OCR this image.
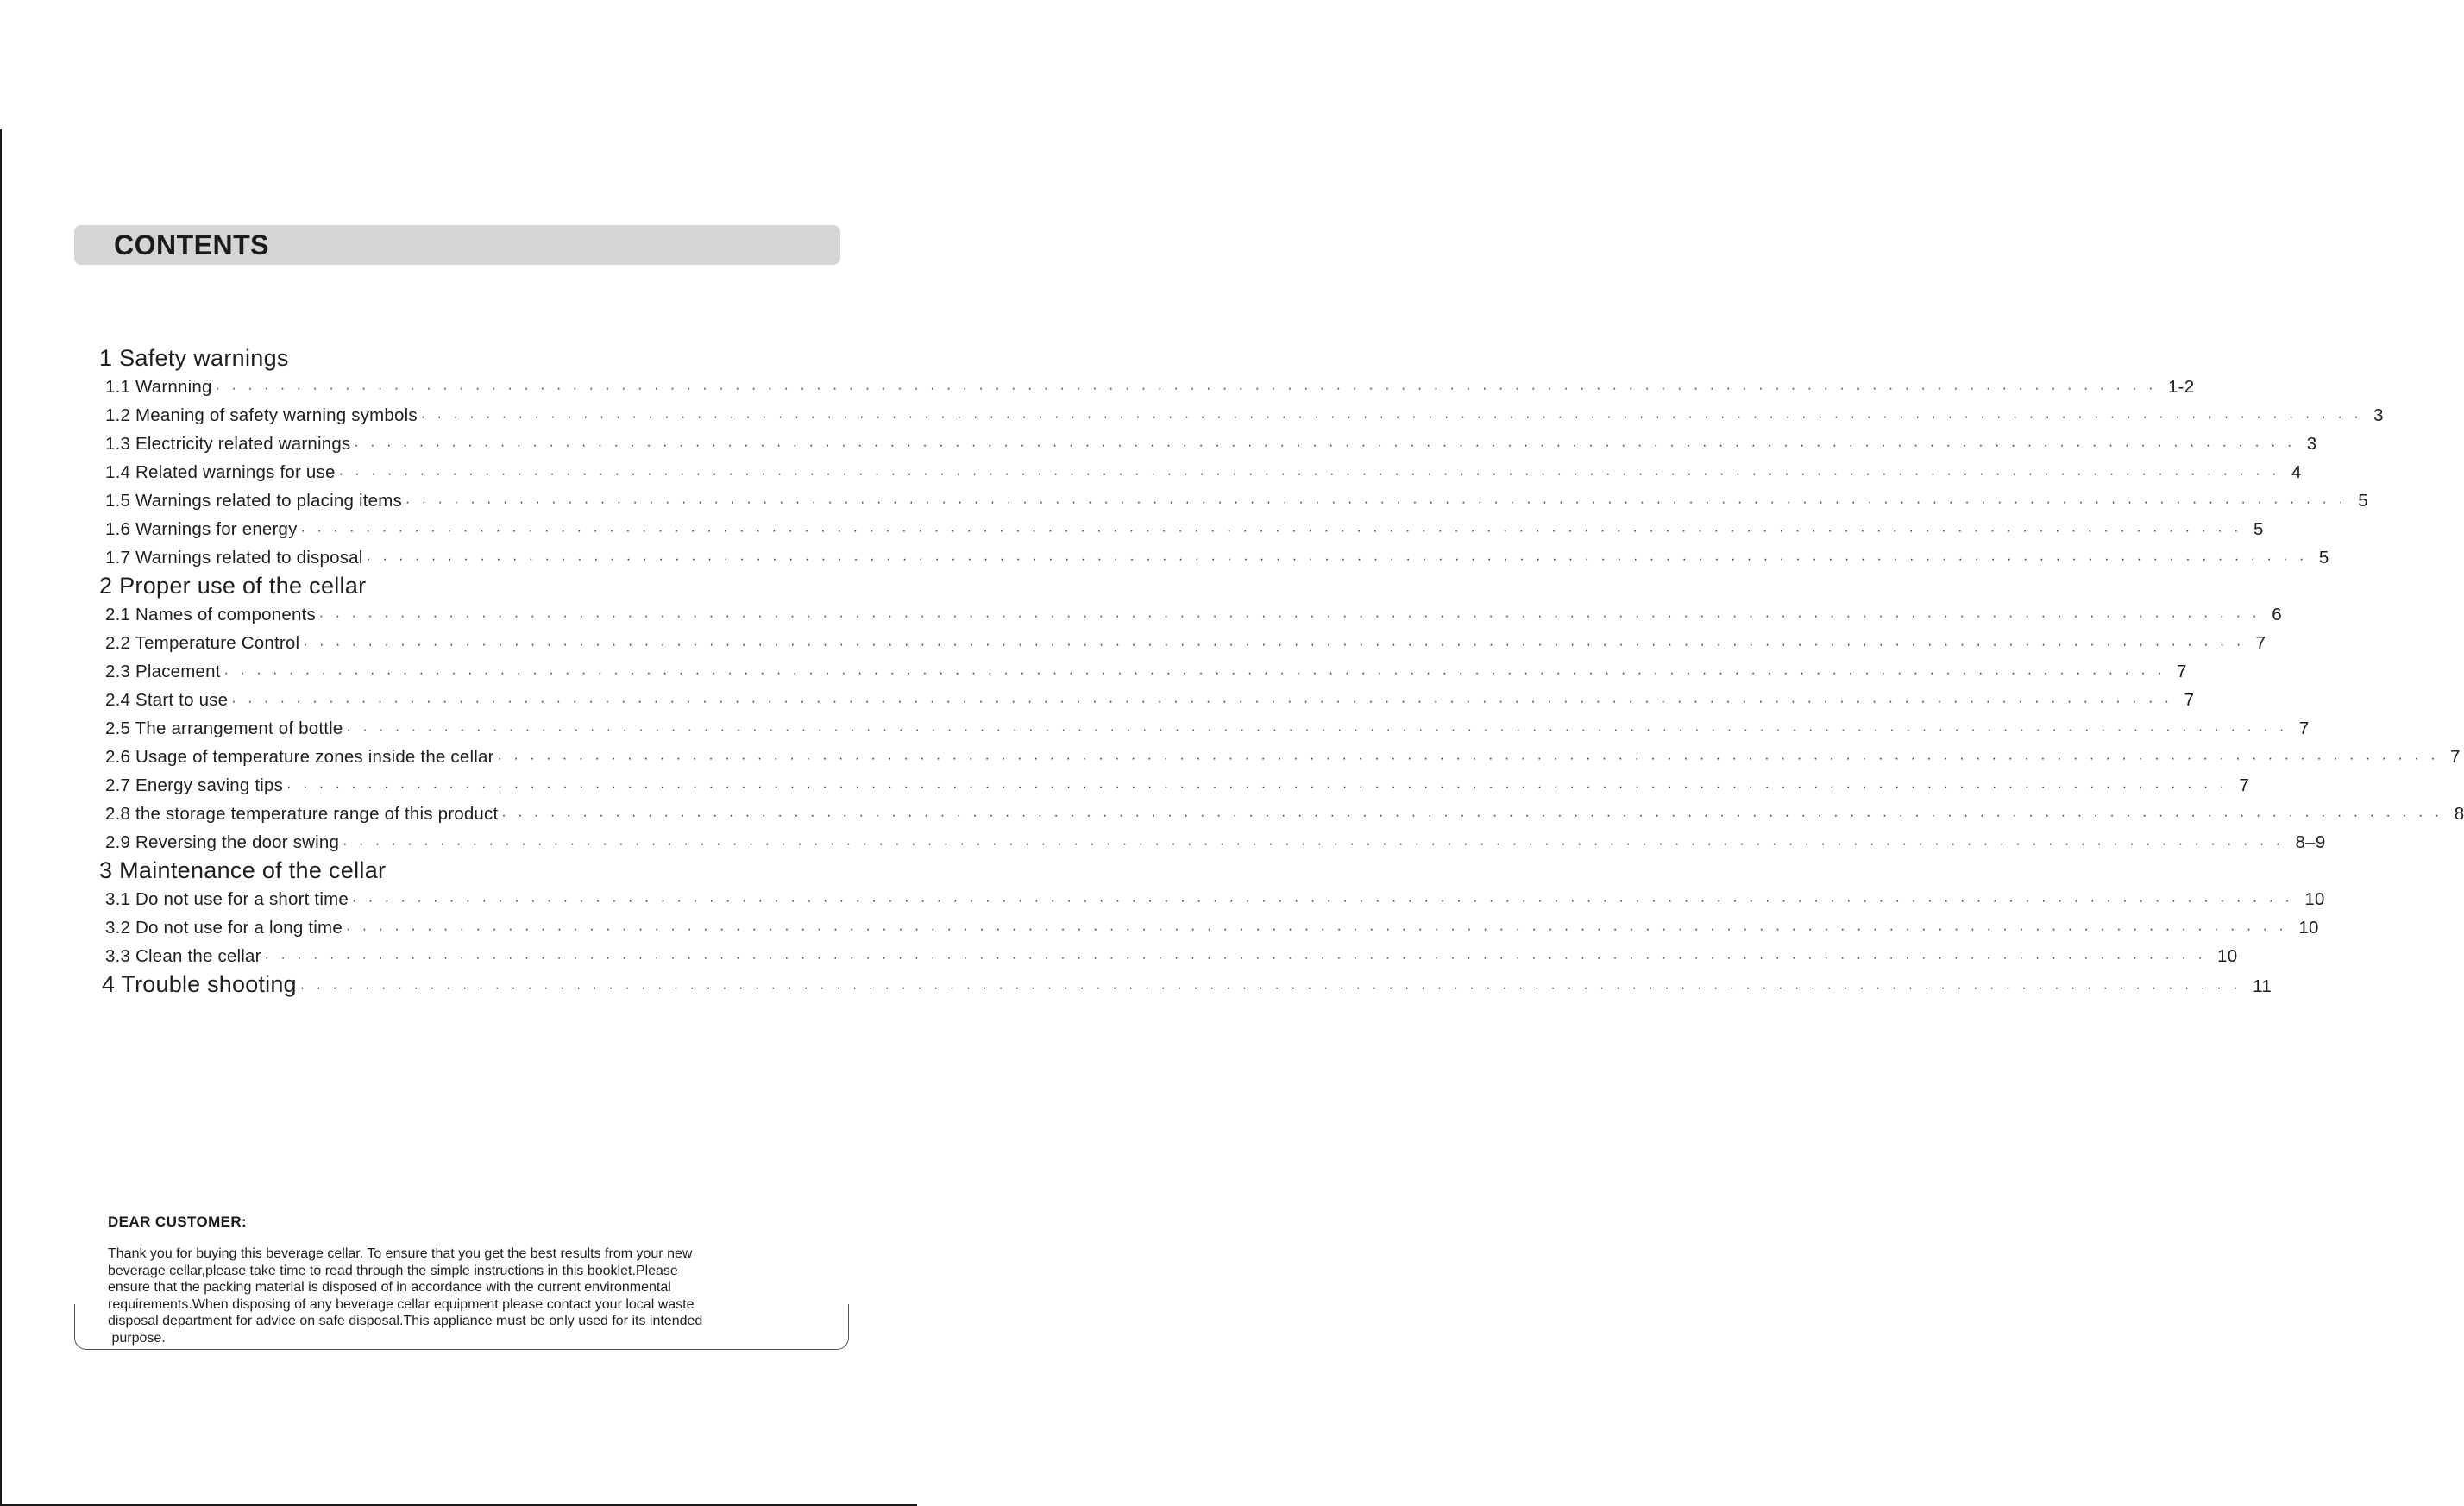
CONTENTS
1 Safety warnings
1.1 Warnning ························································································································ 1-2
1.2 Meaning of safety warning symbols ························································································································ 3
1.3 Electricity related warnings ························································································································ 3
1.4 Related warnings for use ························································································································ 4
1.5 Warnings related to placing items ························································································································ 5
1.6 Warnings for energy ························································································································ 5
1.7 Warnings related to disposal ························································································································ 5
2 Proper use of the cellar
2.1 Names of components ························································································································ 6
2.2 Temperature Control ························································································································ 7
2.3 Placement ························································································································ 7
2.4 Start to use ························································································································ 7
2.5 The arrangement of bottle ························································································································ 7
2.6 Usage of temperature zones inside the cellar ························································································································ 7
2.7 Energy saving tips ························································································································ 7
2.8 the storage temperature range of this product ························································································································ 8
2.9 Reversing the door swing ························································································································ 8–9
3 Maintenance of the cellar
3.1 Do not use for a short time ························································································································ 10
3.2 Do not use for a long time ························································································································ 10
3.3 Clean the cellar ························································································································ 10
4 Trouble shooting ························································································································ 11
DEAR CUSTOMER:
Thank you for buying this beverage cellar. To ensure that you get the best results from your new
beverage cellar,please take time to read through the simple instructions in this booklet.Please
ensure that the packing material is disposed of in accordance with the current environmental
requirements.When disposing of any beverage cellar equipment please contact your local waste
disposal department for advice on safe disposal.This appliance must be only used for its intended
purpose.
